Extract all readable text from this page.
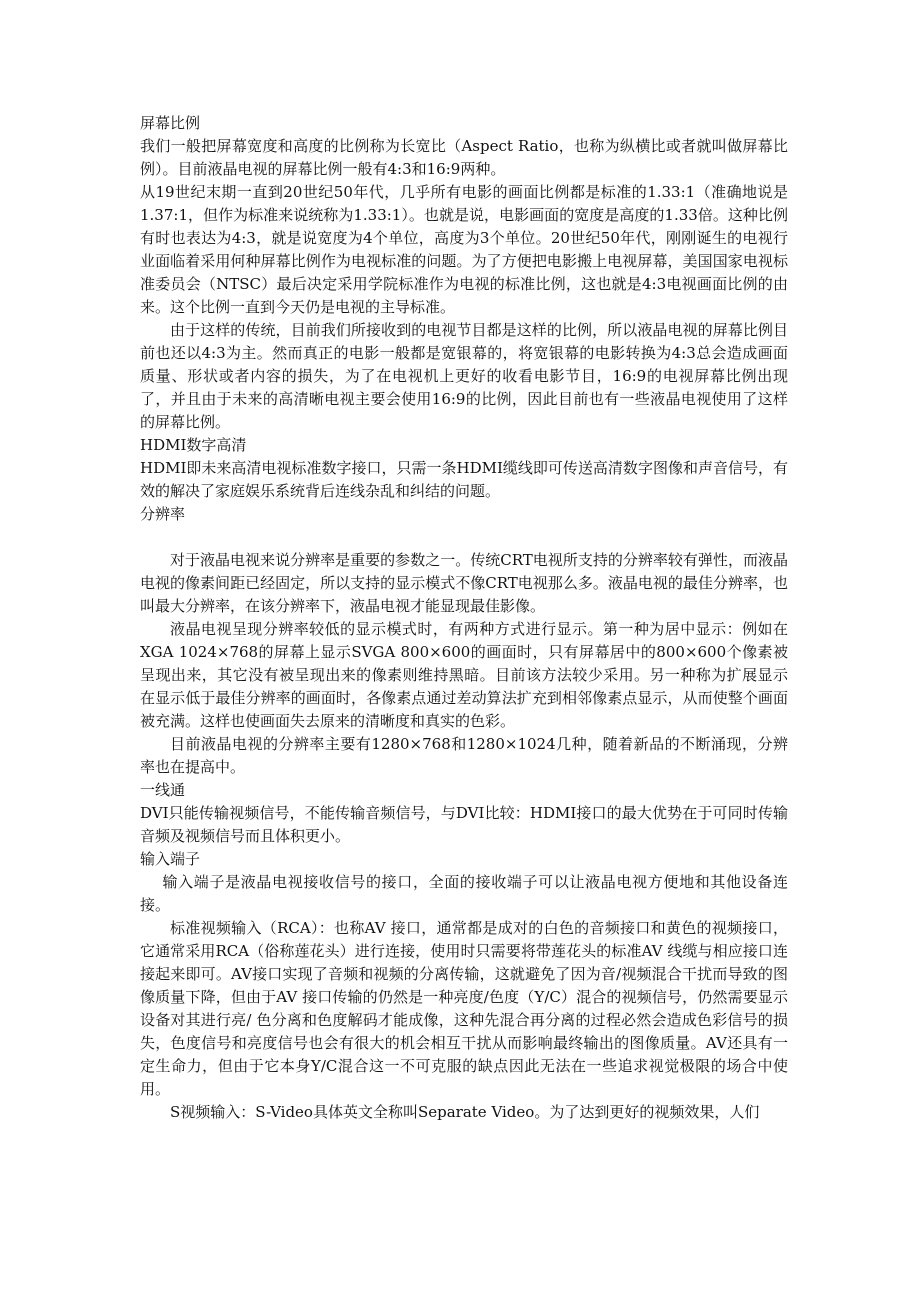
屏幕比例

我们一般把屏幕宽度和高度的比例称为长宽比（Aspect Ratio，也称为纵横比或者就叫做屏幕比例）。目前液晶电视的屏幕比例一般有4:3和16:9两种。

从19世纪末期一直到20世纪50年代，几乎所有电影的画面比例都是标准的1.33:1（准确地说是1.37:1，但作为标准来说统称为1.33:1）。也就是说，电影画面的宽度是高度的1.33倍。这种比例有时也表达为4:3，就是说宽度为4个单位，高度为3个单位。20世纪50年代，刚刚诞生的电视行业面临着采用何种屏幕比例作为电视标准的问题。为了方便把电影搬上电视屏幕，美国国家电视标准委员会（NTSC）最后决定采用学院标准作为电视的标准比例，这也就是4:3电视画面比例的由来。这个比例一直到今天仍是电视的主导标准。

由于这样的传统，目前我们所接收到的电视节目都是这样的比例，所以液晶电视的屏幕比例目前也还以4:3为主。然而真正的电影一般都是宽银幕的，将宽银幕的电影转换为4:3总会造成画面质量、形状或者内容的损失，为了在电视机上更好的收看电影节目，16:9的电视屏幕比例出现了，并且由于未来的高清晰电视主要会使用16:9的比例，因此目前也有一些液晶电视使用了这样的屏幕比例。

HDMI数字高清

HDMI即未来高清电视标准数字接口，只需一条HDMI缆线即可传送高清数字图像和声音信号，有效的解决了家庭娱乐系统背后连线杂乱和纠结的问题。

分辨率

对于液晶电视来说分辨率是重要的参数之一。传统CRT电视所支持的分辨率较有弹性，而液晶电视的像素间距已经固定，所以支持的显示模式不像CRT电视那么多。液晶电视的最佳分辨率，也叫最大分辨率，在该分辨率下，液晶电视才能显现最佳影像。

液晶电视呈现分辨率较低的显示模式时，有两种方式进行显示。第一种为居中显示：例如在XGA 1024×768的屏幕上显示SVGA 800×600的画面时，只有屏幕居中的800×600个像素被呈现出来，其它没有被呈现出来的像素则维持黑暗。目前该方法较少采用。另一种称为扩展显示 在显示低于最佳分辨率的画面时，各像素点通过差动算法扩充到相邻像素点显示，从而使整个画面被充满。这样也使画面失去原来的清晰度和真实的色彩。

目前液晶电视的分辨率主要有1280×768和1280×1024几种，随着新品的不断涌现，分辨率也在提高中。

一线通

DVI只能传输视频信号，不能传输音频信号，与DVI比较：HDMI接口的最大优势在于可同时传输音频及视频信号而且体积更小。

输入端子

输入端子是液晶电视接收信号的接口，全面的接收端子可以让液晶电视方便地和其他设备连接。

标准视频输入（RCA）：也称AV 接口，通常都是成对的白色的音频接口和黄色的视频接口，它通常采用RCA（俗称莲花头）进行连接，使用时只需要将带莲花头的标准AV 线缆与相应接口连接起来即可。AV接口实现了音频和视频的分离传输，这就避免了因为音/视频混合干扰而导致的图像质量下降，但由于AV 接口传输的仍然是一种亮度/色度（Y/C）混合的视频信号，仍然需要显示设备对其进行亮/ 色分离和色度解码才能成像，这种先混合再分离的过程必然会造成色彩信号的损失，色度信号和亮度信号也会有很大的机会相互干扰从而影响最终输出的图像质量。AV还具有一定生命力，但由于它本身Y/C混合这一不可克服的缺点因此无法在一些追求视觉极限的场合中使用。

S视频输入：S-Video具体英文全称叫Separate Video。为了达到更好的视频效果，人们
